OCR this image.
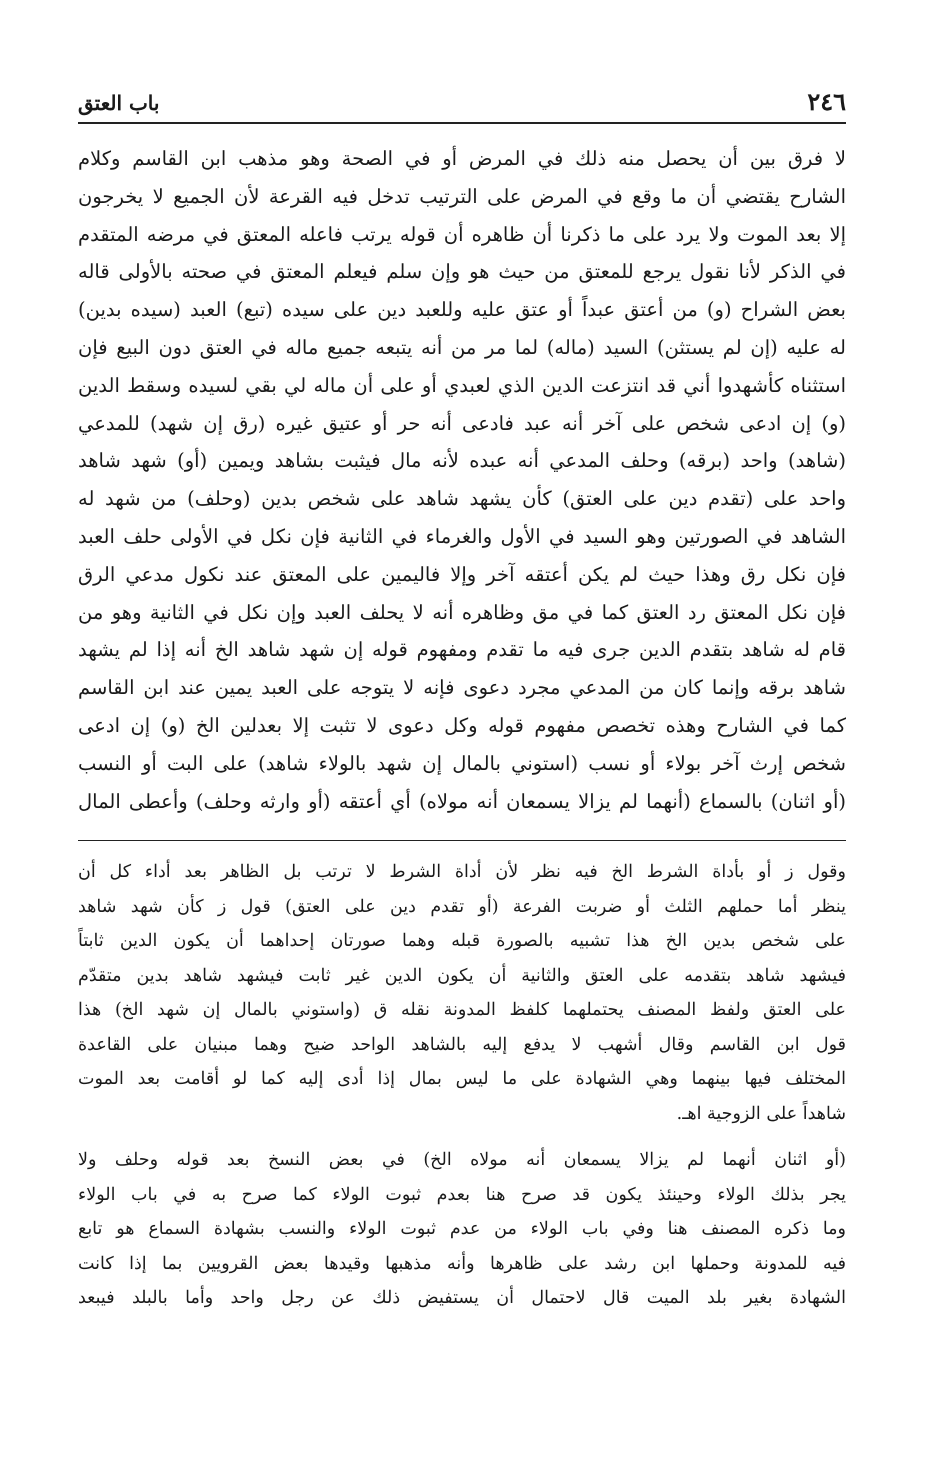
٢٤٦
باب العتق
لا فرق بين أن يحصل منه ذلك في المرض أو في الصحة وهو مذهب ابن القاسم وكلام
الشارح يقتضي أن ما وقع في المرض على الترتيب تدخل فيه القرعة لأن الجميع لا يخرجون
إلا بعد الموت ولا يرد على ما ذكرنا أن ظاهره أن قوله يرتب فاعله المعتق في مرضه المتقدم
في الذكر لأنا نقول يرجع للمعتق من حيث هو وإن سلم فيعلم المعتق في صحته بالأولى قاله
بعض الشراح (و) من أعتق عبداً أو عتق عليه وللعبد دين على سيده (تبع) العبد (سيده بدين)
له عليه (إن لم يستثن) السيد (ماله) لما مر من أنه يتبعه جميع ماله في العتق دون البيع فإن
استثناه كأشهدوا أني قد انتزعت الدين الذي لعبدي أو على أن ماله لي بقي لسيده وسقط الدين
(و) إن ادعى شخص على آخر أنه عبد فادعى أنه حر أو عتيق غيره (رق إن شهد) للمدعي
(شاهد) واحد (برقه) وحلف المدعي أنه عبده لأنه مال فيثبت بشاهد ويمين (أو) شهد شاهد
واحد على (تقدم دين على العتق) كأن يشهد شاهد على شخص بدين (وحلف) من شهد له
الشاهد في الصورتين وهو السيد في الأول والغرماء في الثانية فإن نكل في الأولى حلف العبد
فإن نكل رق وهذا حيث لم يكن أعتقه آخر وإلا فاليمين على المعتق عند نكول مدعي الرق
فإن نكل المعتق رد العتق كما في مق وظاهره أنه لا يحلف العبد وإن نكل في الثانية وهو من
قام له شاهد بتقدم الدين جرى فيه ما تقدم ومفهوم قوله إن شهد شاهد الخ أنه إذا لم يشهد
شاهد برقه وإنما كان من المدعي مجرد دعوى فإنه لا يتوجه على العبد يمين عند ابن القاسم
كما في الشارح وهذه تخصص مفهوم قوله وكل دعوى لا تثبت إلا بعدلين الخ (و) إن ادعى
شخص إرث آخر بولاء أو نسب (استوني بالمال إن شهد بالولاء شاهد) على البت أو النسب
(أو اثنان) بالسماع (أنهما لم يزالا يسمعان أنه مولاه) أي أعتقه (أو وارثه وحلف) وأعطى المال
وقول ز أو بأداة الشرط الخ فيه نظر لأن أداة الشرط لا ترتب بل الظاهر بعد أداء كل أن
ينظر أما حملهم الثلث أو ضربت الفرعة (أو تقدم دين على العتق) قول ز كأن شهد شاهد
على شخص بدين الخ هذا تشبيه بالصورة قبله وهما صورتان إحداهما أن يكون الدين ثابتاً
فيشهد شاهد بتقدمه على العتق والثانية أن يكون الدين غير ثابت فيشهد شاهد بدين متقدّم
على العتق ولفظ المصنف يحتملهما كلفظ المدونة نقله ق (واستوني بالمال إن شهد الخ) هذا
قول ابن القاسم وقال أشهب لا يدفع إليه بالشاهد الواحد ضيح وهما مبنيان على القاعدة
المختلف فيها بينهما وهي الشهادة على ما ليس بمال إذا أدى إليه كما لو أقامت بعد الموت
شاهداً على الزوجية اهـ.
(أو اثنان أنهما لم يزالا يسمعان أنه مولاه الخ) في بعض النسخ بعد قوله وحلف ولا
يجر بذلك الولاء وحينئذ يكون قد صرح هنا بعدم ثبوت الولاء كما صرح به في باب الولاء
وما ذكره المصنف هنا وفي باب الولاء من عدم ثبوت الولاء والنسب بشهادة السماع هو تابع
فيه للمدونة وحملها ابن رشد على ظاهرها وأنه مذهبها وقيدها بعض القرويين بما إذا كانت
الشهادة بغير بلد الميت قال لاحتمال أن يستفيض ذلك عن رجل واحد وأما بالبلد فيبعد
